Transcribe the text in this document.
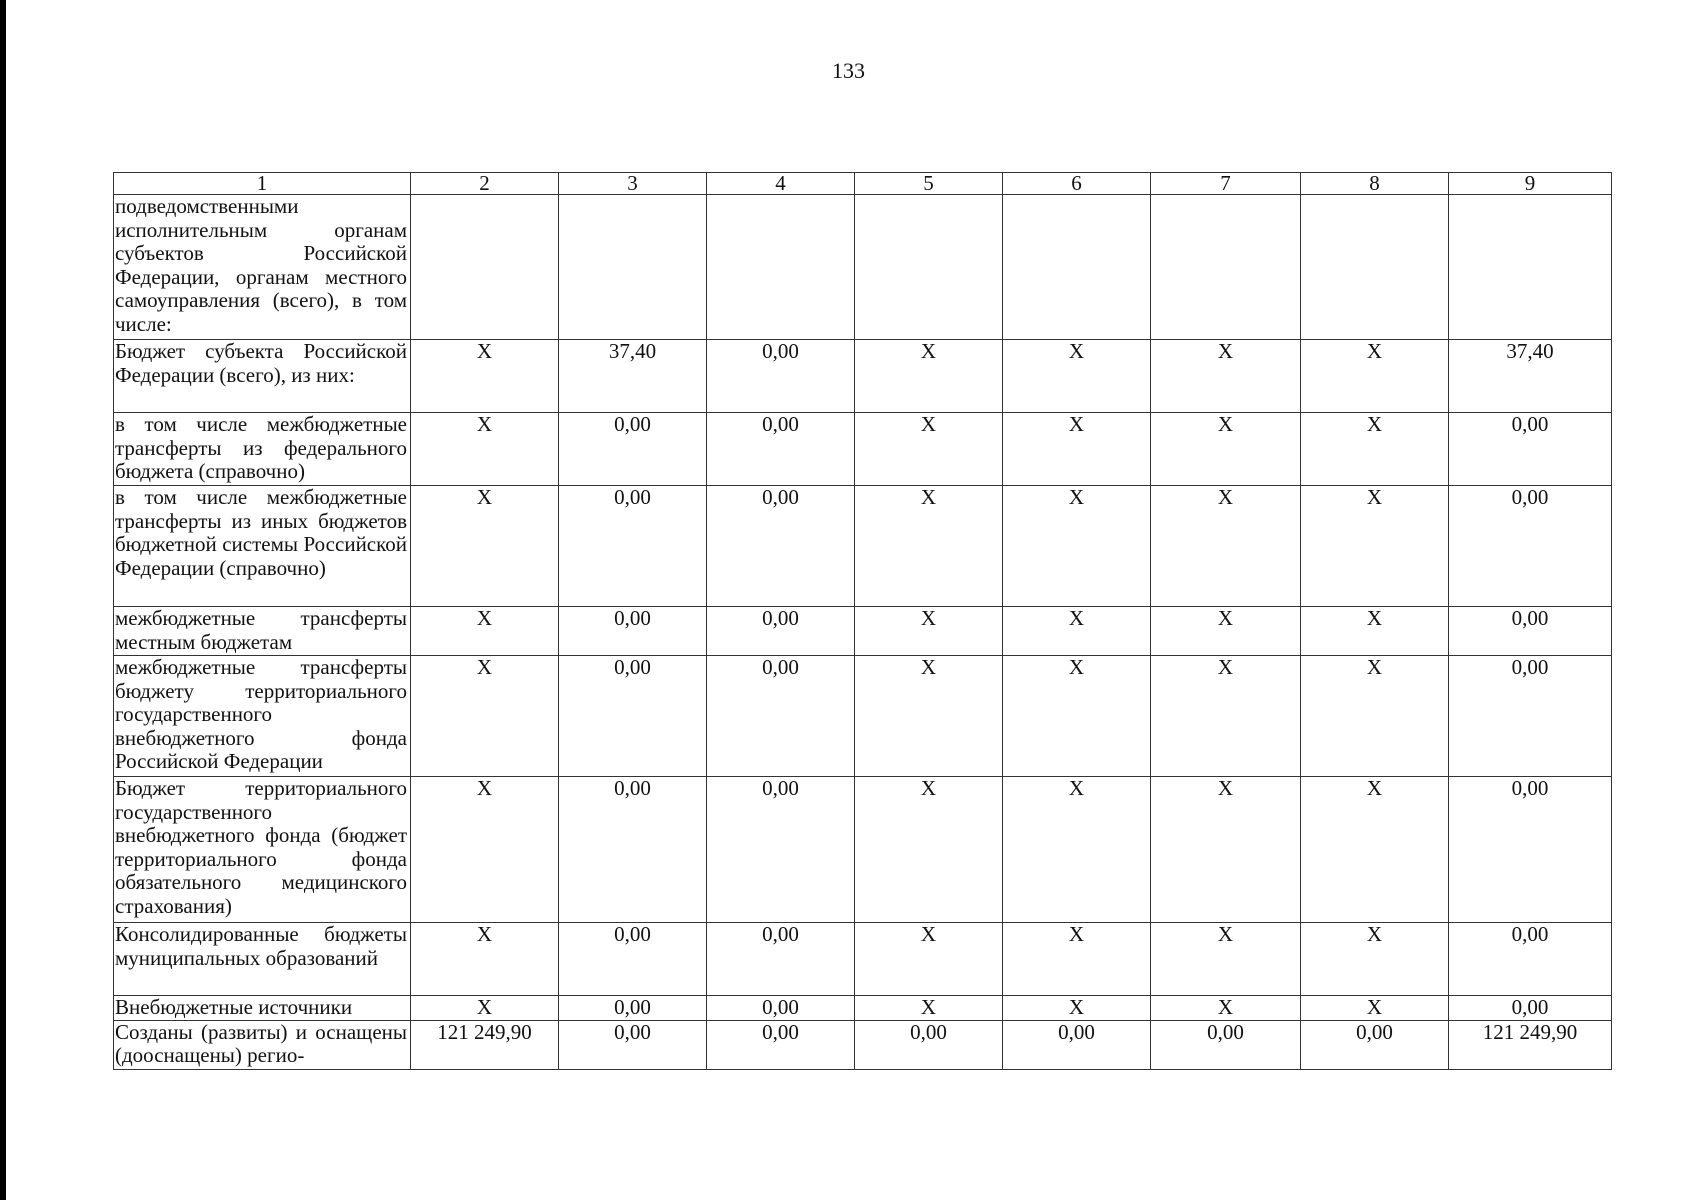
133
1	2	3	4	5	6	7	8	9
подведомственными исполнительным органам субъектов Российской Федерации, органам местного самоуправления (всего), в том числе:								
Бюджет субъекта Российской Федерации (всего), из них:	X	37,40	0,00	X	X	X	X	37,40
в том числе межбюджетные трансферты из федерального бюджета (справочно)	X	0,00	0,00	X	X	X	X	0,00
в том числе межбюджетные трансферты из иных бюджетов бюджетной системы Российской Федерации (справочно)	X	0,00	0,00	X	X	X	X	0,00
межбюджетные трансферты местным бюджетам	X	0,00	0,00	X	X	X	X	0,00
межбюджетные трансферты бюджету территориального государственного внебюджетного фонда Российской Федерации	X	0,00	0,00	X	X	X	X	0,00
Бюджет территориального государственного внебюджетного фонда (бюджет территориального фонда обязательного медицинского страхования)	X	0,00	0,00	X	X	X	X	0,00
Консолидированные бюджеты муниципальных образований	X	0,00	0,00	X	X	X	X	0,00
Внебюджетные источники	X	0,00	0,00	X	X	X	X	0,00
Созданы (развиты) и оснащены (дооснащены) регио-	121 249,90	0,00	0,00	0,00	0,00	0,00	0,00	121 249,90
